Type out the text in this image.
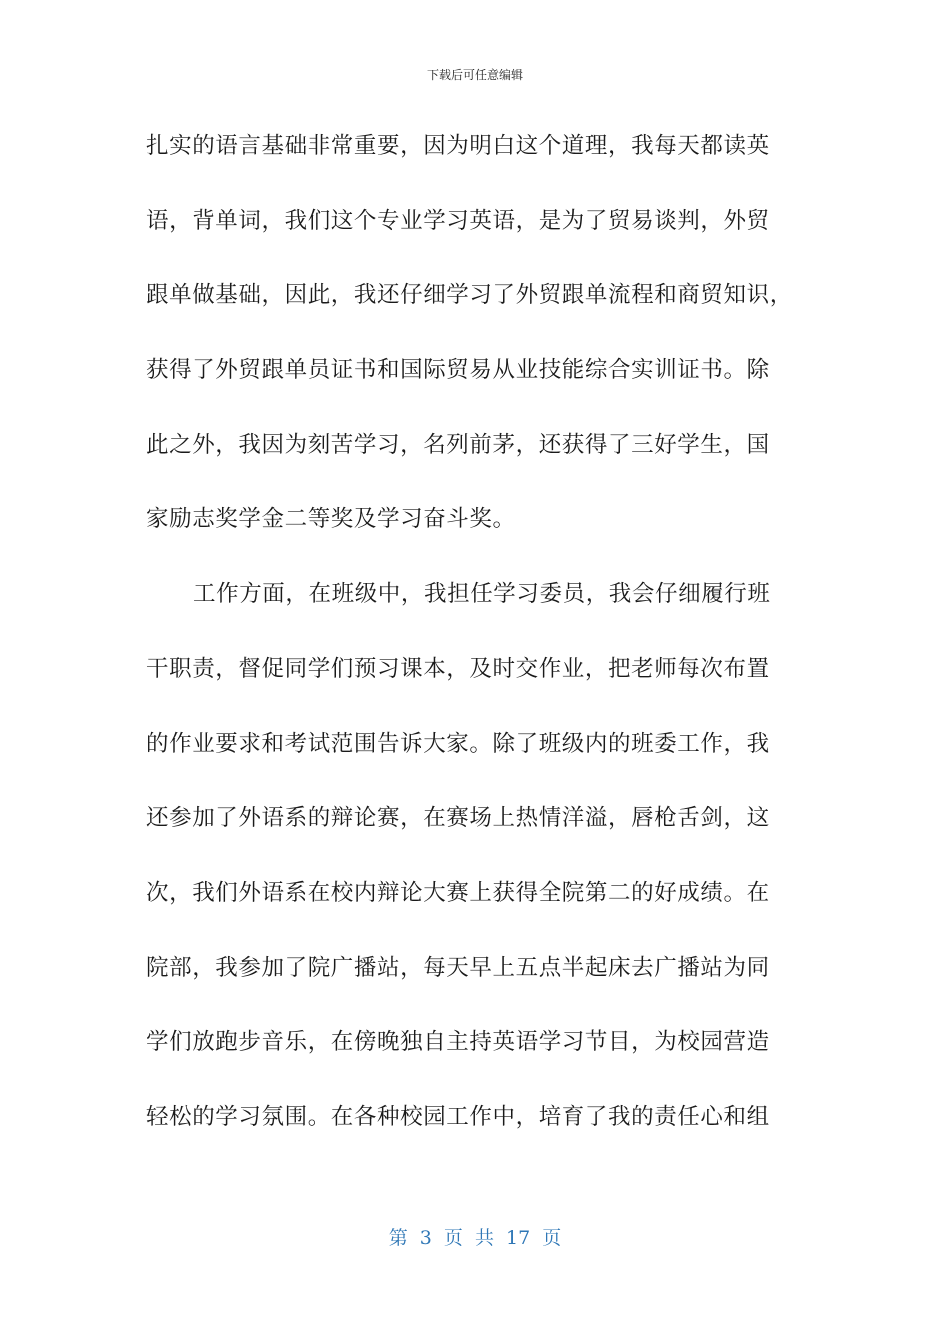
下载后可任意编辑
扎实的语言基础非常重要，因为明白这个道理，我每天都读英
语，背单词，我们这个专业学习英语，是为了贸易谈判，外贸
跟单做基础，因此，我还仔细学习了外贸跟单流程和商贸知识，
获得了外贸跟单员证书和国际贸易从业技能综合实训证书。除
此之外，我因为刻苦学习，名列前茅，还获得了三好学生，国
家励志奖学金二等奖及学习奋斗奖。
工作方面，在班级中，我担任学习委员，我会仔细履行班
干职责，督促同学们预习课本，及时交作业，把老师每次布置
的作业要求和考试范围告诉大家。除了班级内的班委工作，我
还参加了外语系的辩论赛，在赛场上热情洋溢，唇枪舌剑，这
次，我们外语系在校内辩论大赛上获得全院第二的好成绩。在
院部，我参加了院广播站，每天早上五点半起床去广播站为同
学们放跑步音乐，在傍晚独自主持英语学习节目，为校园营造
轻松的学习氛围。在各种校园工作中，培育了我的责任心和组
第 3 页 共 17 页
